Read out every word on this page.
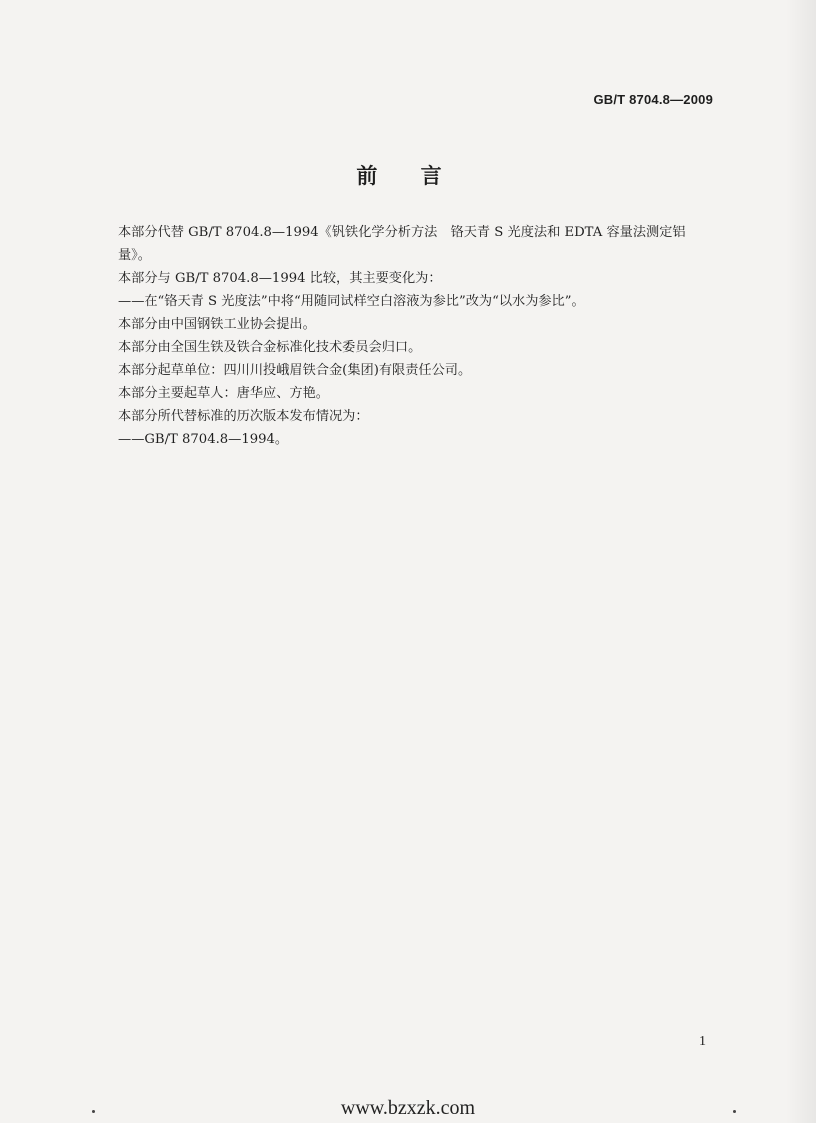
GB/T 8704.8—2009
前 言

本部分代替 GB/T 8704.8—1994《钒铁化学分析方法　铬天青 S 光度法和 EDTA 容量法测定铝量》。

本部分与 GB/T 8704.8—1994 比较，其主要变化为：

——在“铬天青 S 光度法”中将“用随同试样空白溶液为参比”改为“以水为参比”。

本部分由中国钢铁工业协会提出。

本部分由全国生铁及铁合金标准化技术委员会归口。

本部分起草单位：四川川投峨眉铁合金(集团)有限责任公司。

本部分主要起草人：唐华应、方艳。

本部分所代替标准的历次版本发布情况为：

——GB/T 8704.8—1994。

1
www.bzxzk.com
